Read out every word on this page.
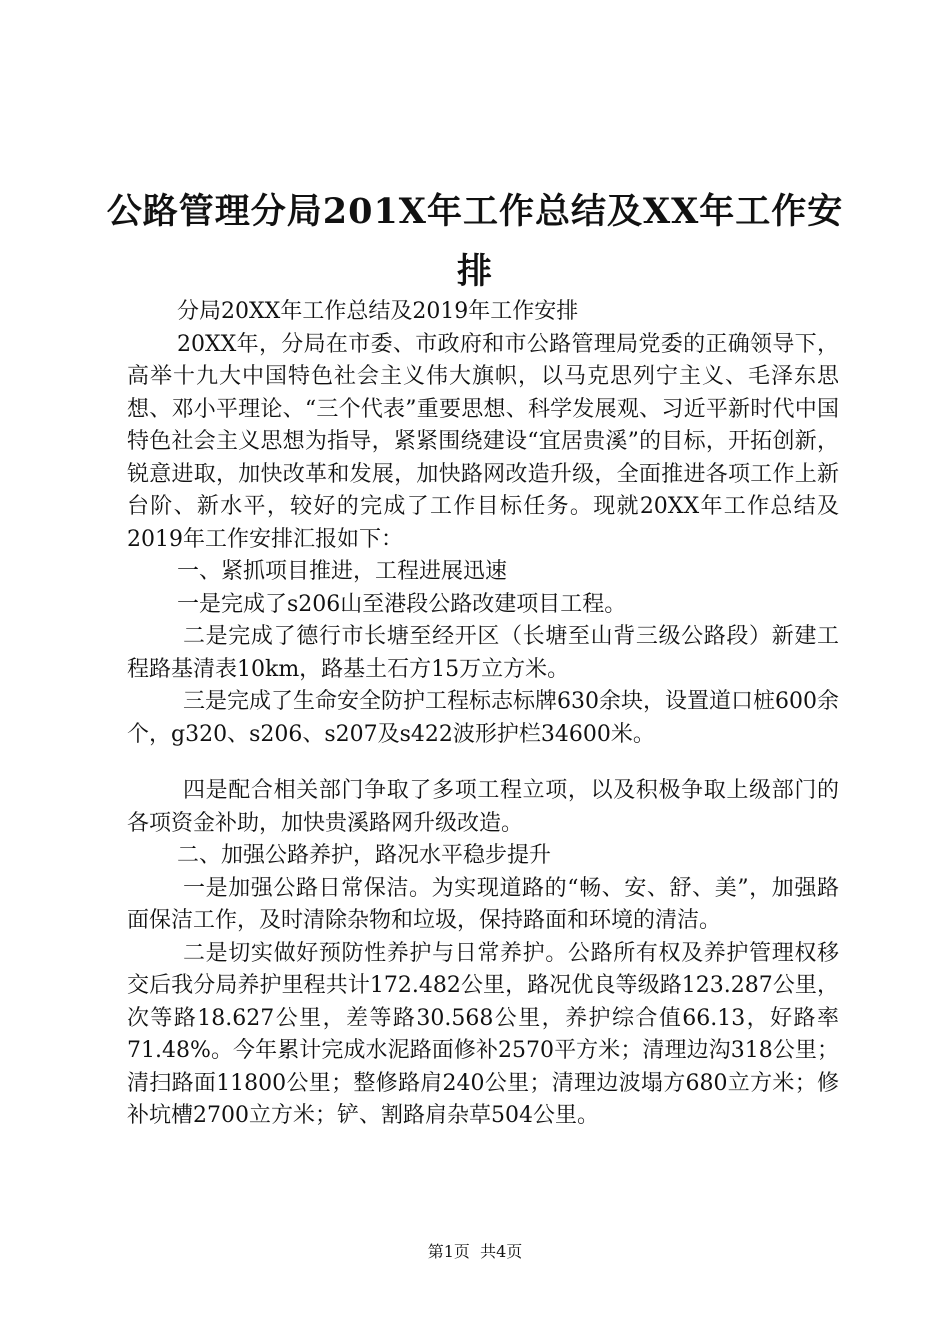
公路管理分局201X年工作总结及XX年工作安
排

分局20XX年工作总结及2019年工作安排

20XX年，分局在市委、市政府和市公路管理局党委的正确领导下，高举十九大中国特色社会主义伟大旗帜，以马克思列宁主义、毛泽东思想、邓小平理论、“三个代表”重要思想、科学发展观、习近平新时代中国特色社会主义思想为指导，紧紧围绕建设“宜居贵溪”的目标，开拓创新，锐意进取，加快改革和发展，加快路网改造升级，全面推进各项工作上新台阶、新水平，较好的完成了工作目标任务。现就20XX年工作总结及2019年工作安排汇报如下：

一、紧抓项目推进，工程进展迅速

一是完成了s206山至港段公路改建项目工程。

二是完成了德行市长塘至经开区（长塘至山背三级公路段）新建工程路基清表10km，路基土石方15万立方米。

三是完成了生命安全防护工程标志标牌630余块，设置道口桩600余个，g320、s206、s207及s422波形护栏34600米。

四是配合相关部门争取了多项工程立项，以及积极争取上级部门的各项资金补助，加快贵溪路网升级改造。

二、加强公路养护，路况水平稳步提升

一是加强公路日常保洁。为实现道路的“畅、安、舒、美”，加强路面保洁工作，及时清除杂物和垃圾，保持路面和环境的清洁。

二是切实做好预防性养护与日常养护。公路所有权及养护管理权移交后我分局养护里程共计172.482公里，路况优良等级路123.287公里，次等路18.627公里，差等路30.568公里，养护综合值66.13，好路率71.48%。今年累计完成水泥路面修补2570平方米；清理边沟318公里；清扫路面11800公里；整修路肩240公里；清理边波塌方680立方米；修补坑槽2700立方米；铲、割路肩杂草504公里。

第1页 共4页
